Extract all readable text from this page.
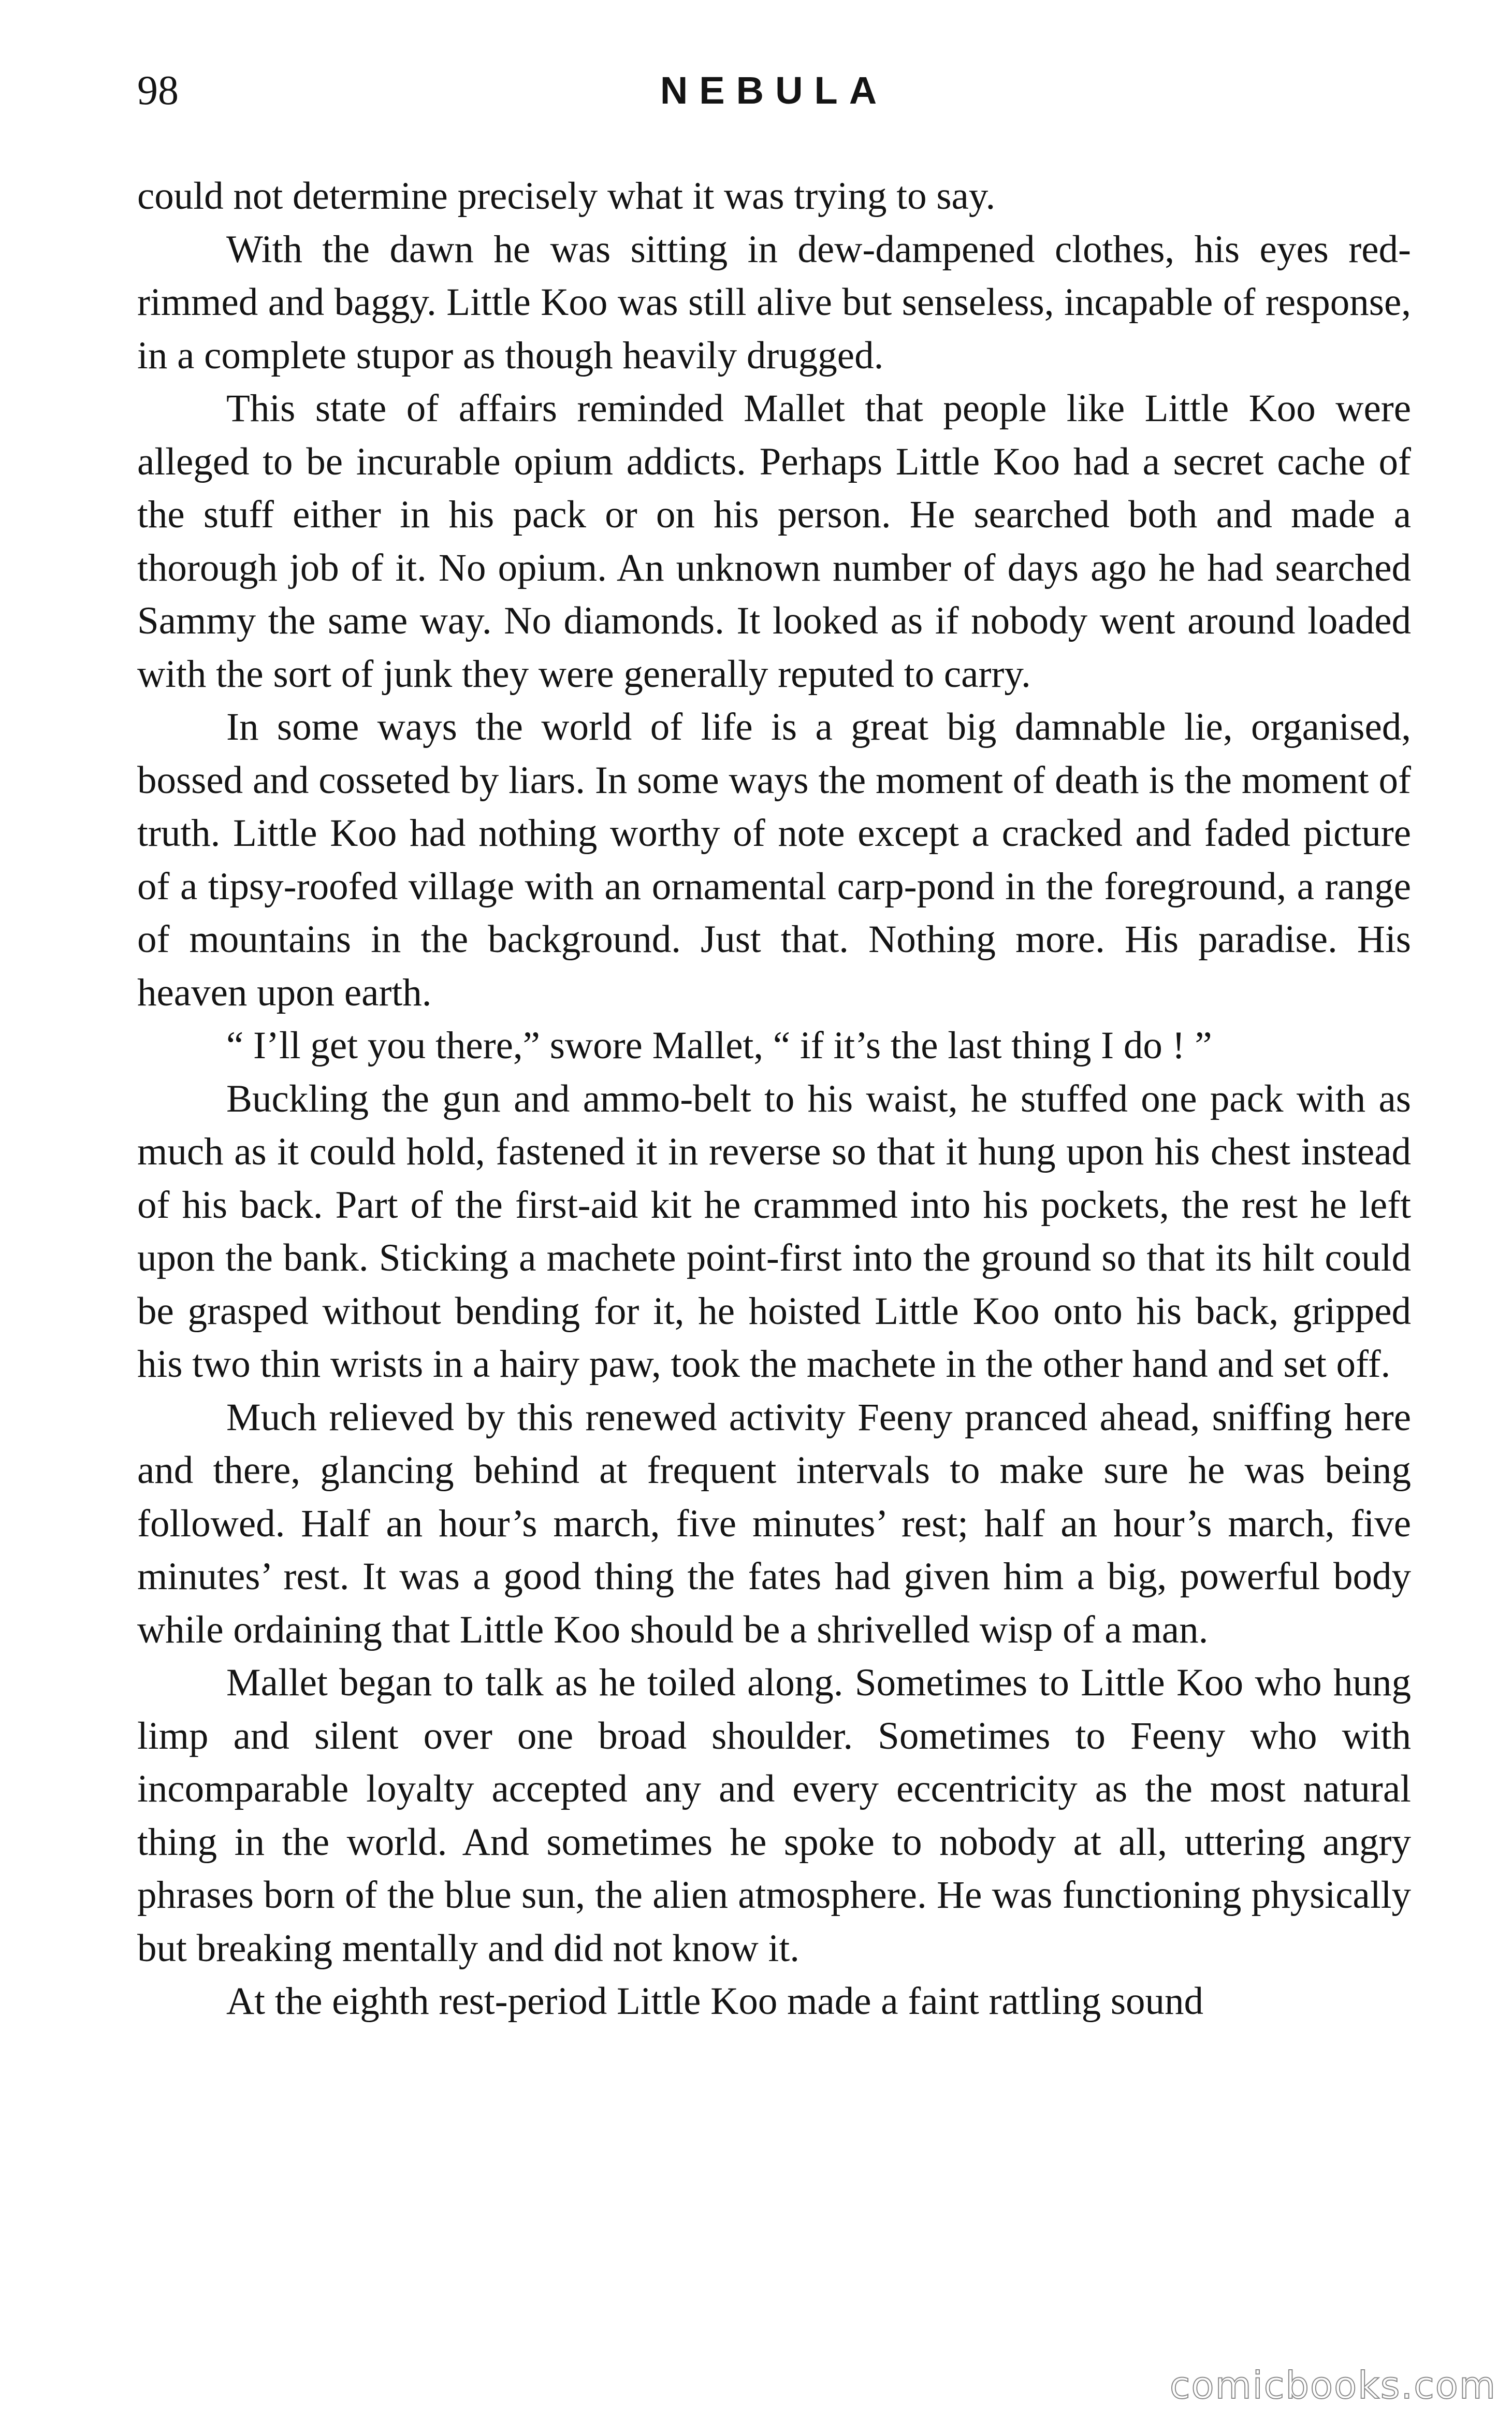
98	NEBULA

could not determine precisely what it was trying to say.

With the dawn he was sitting in dew-dampened clothes, his eyes red-rimmed and baggy. Little Koo was still alive but senseless, incapable of response, in a complete stupor as though heavily drugged.

This state of affairs reminded Mallet that people like Little Koo were alleged to be incurable opium addicts. Perhaps Little Koo had a secret cache of the stuff either in his pack or on his person. He searched both and made a thorough job of it. No opium. An unknown number of days ago he had searched Sammy the same way. No diamonds. It looked as if nobody went around loaded with the sort of junk they were generally reputed to carry.

In some ways the world of life is a great big damnable lie, organised, bossed and cosseted by liars. In some ways the moment of death is the moment of truth. Little Koo had nothing worthy of note except a cracked and faded picture of a tipsy-roofed village with an ornamental carp-pond in the foreground, a range of mountains in the background. Just that. Nothing more. His paradise. His heaven upon earth.

“ I’ll get you there,” swore Mallet, “ if it’s the last thing I do ! ”

Buckling the gun and ammo-belt to his waist, he stuffed one pack with as much as it could hold, fastened it in reverse so that it hung upon his chest instead of his back. Part of the first-aid kit he crammed into his pockets, the rest he left upon the bank. Sticking a machete point-first into the ground so that its hilt could be grasped without bending for it, he hoisted Little Koo onto his back, gripped his two thin wrists in a hairy paw, took the machete in the other hand and set off.

Much relieved by this renewed activity Feeny pranced ahead, sniffing here and there, glancing behind at frequent intervals to make sure he was being followed. Half an hour’s march, five minutes’ rest; half an hour’s march, five minutes’ rest. It was a good thing the fates had given him a big, powerful body while ordaining that Little Koo should be a shrivelled wisp of a man.

Mallet began to talk as he toiled along. Sometimes to Little Koo who hung limp and silent over one broad shoulder. Sometimes to Feeny who with incomparable loyalty accepted any and every eccentricity as the most natural thing in the world. And sometimes he spoke to nobody at all, uttering angry phrases born of the blue sun, the alien atmosphere. He was functioning physically but breaking mentally and did not know it.

At the eighth rest-period Little Koo made a faint rattling sound

comicbooks.com
